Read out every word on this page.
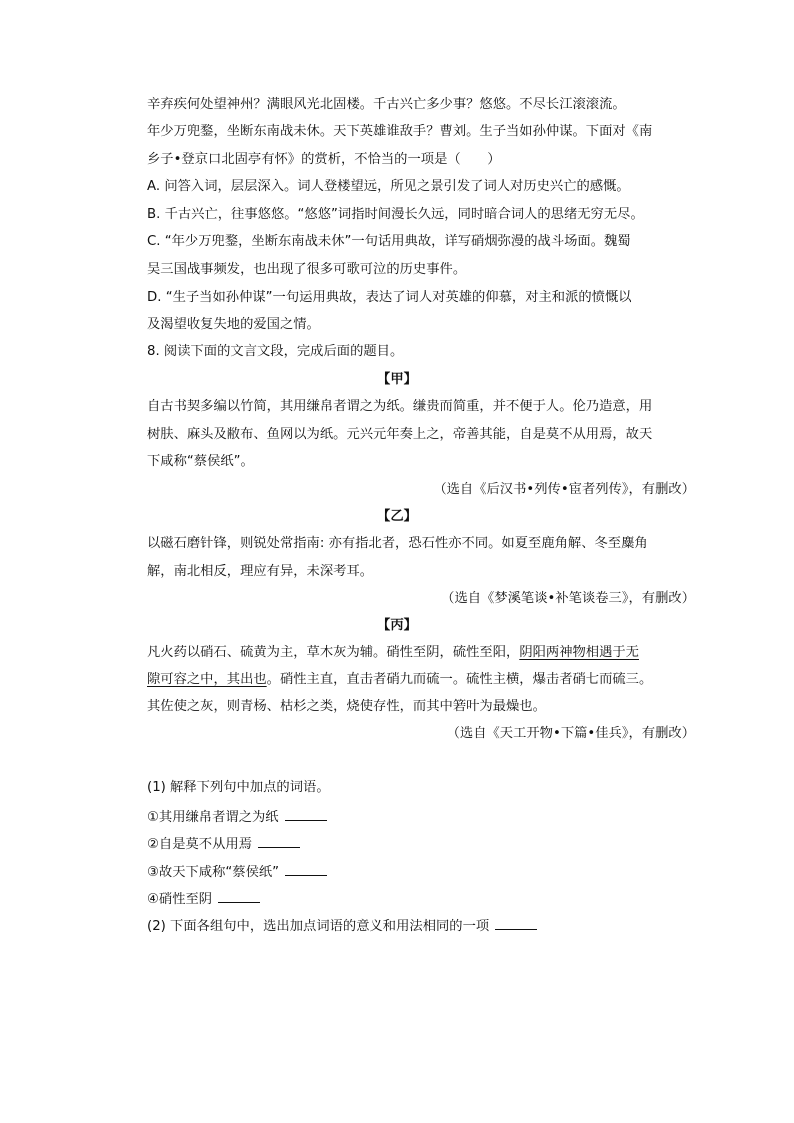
辛弃疾何处望神州？满眼风光北固楼。千古兴亡多少事？悠悠。不尽长江滚滚流。
年少万兜鍪，坐断东南战未休。天下英雄谁敌手？曹刘。生子当如孙仲谋。下面对《南
乡子•登京口北固亭有怀》的赏析，不恰当的一项是（　　）
A. 问答入词，层层深入。词人登楼望远，所见之景引发了词人对历史兴亡的感慨。
B. 千古兴亡，往事悠悠。“悠悠”词指时间漫长久远，同时暗合词人的思绪无穷无尽。
C. “年少万兜鍪，坐断东南战未休”一句话用典故，详写硝烟弥漫的战斗场面。魏蜀
吴三国战事频发，也出现了很多可歌可泣的历史事件。
D. “生子当如孙仲谋”一句运用典故，表达了词人对英雄的仰慕，对主和派的愤慨以
及渴望收复失地的爱国之情。
8. 阅读下面的文言文段，完成后面的题目。
【甲】
自古书契多编以竹简，其用缣帛者谓之为纸。缣贵而简重，并不便于人。伦乃造意，用
树肤、麻头及敝布、鱼网以为纸。元兴元年奏上之，帝善其能，自是莫不从用焉，故天
下咸称“蔡侯纸”。
（选自《后汉书•列传•宦者列传》，有删改）
【乙】
以磁石磨针锋，则锐处常指南: 亦有指北者，恐石性亦不同。如夏至鹿角解、冬至麋角
解，南北相反，理应有异，未深考耳。
（选自《梦溪笔谈•补笔谈卷三》，有删改）
【丙】
凡火药以硝石、硫黄为主，草木灰为辅。硝性至阴，硫性至阳，阴阳两神物相遇于无
隙可容之中，其出也。硝性主直，直击者硝九而硫一。硫性主横，爆击者硝七而硫三。
其佐使之灰，则青杨、枯杉之类，烧使存性，而其中箬叶为最燥也。
（选自《天工开物•下篇•佳兵》，有删改）
(1) 解释下列句中加点的词语。
①其用缣帛者谓之为纸
②自是莫不从用焉
③故天下咸称“蔡侯纸”
④硝性至阴
(2) 下面各组句中，选出加点词语的意义和用法相同的一项
